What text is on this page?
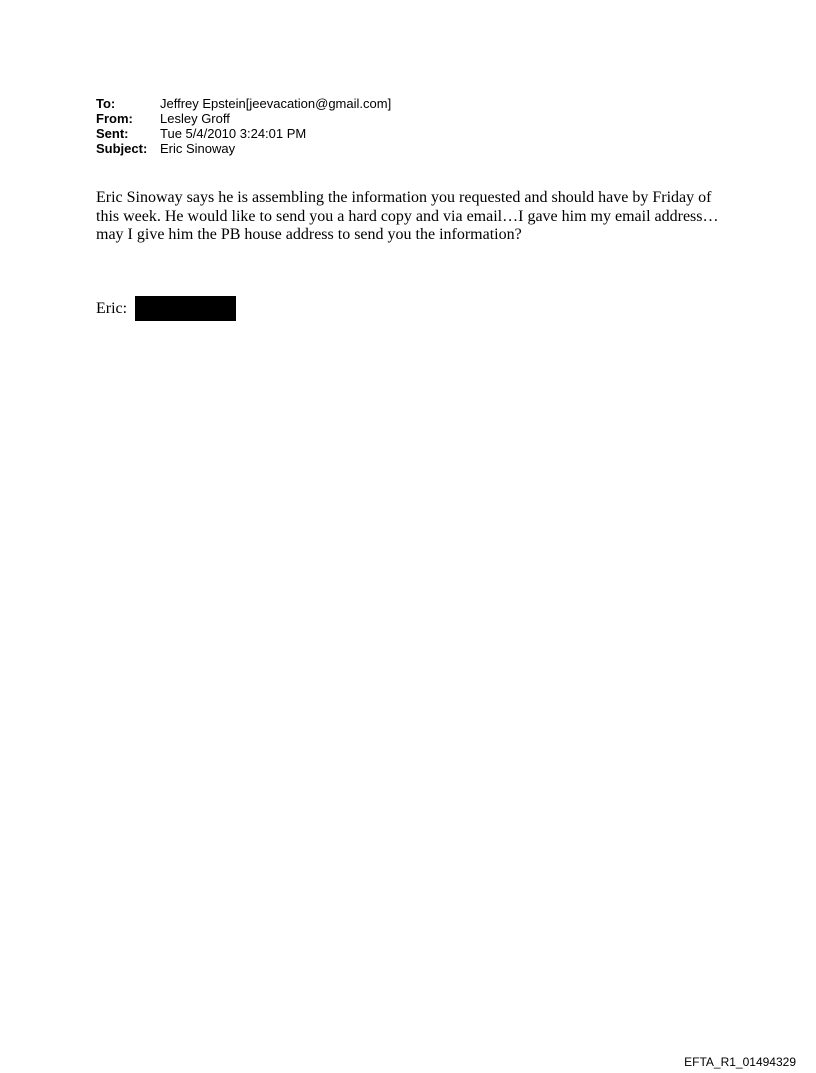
To:	Jeffrey Epstein[jeevacation@gmail.com]
From:	Lesley Groff
Sent:	Tue 5/4/2010 3:24:01 PM
Subject: Eric Sinoway

Eric Sinoway says he is assembling the information you requested and should have by Friday of this week. He would like to send you a hard copy and via email…I gave him my email address…may I give him the PB house address to send you the information?

Eric:
EFTA_R1_01494329
